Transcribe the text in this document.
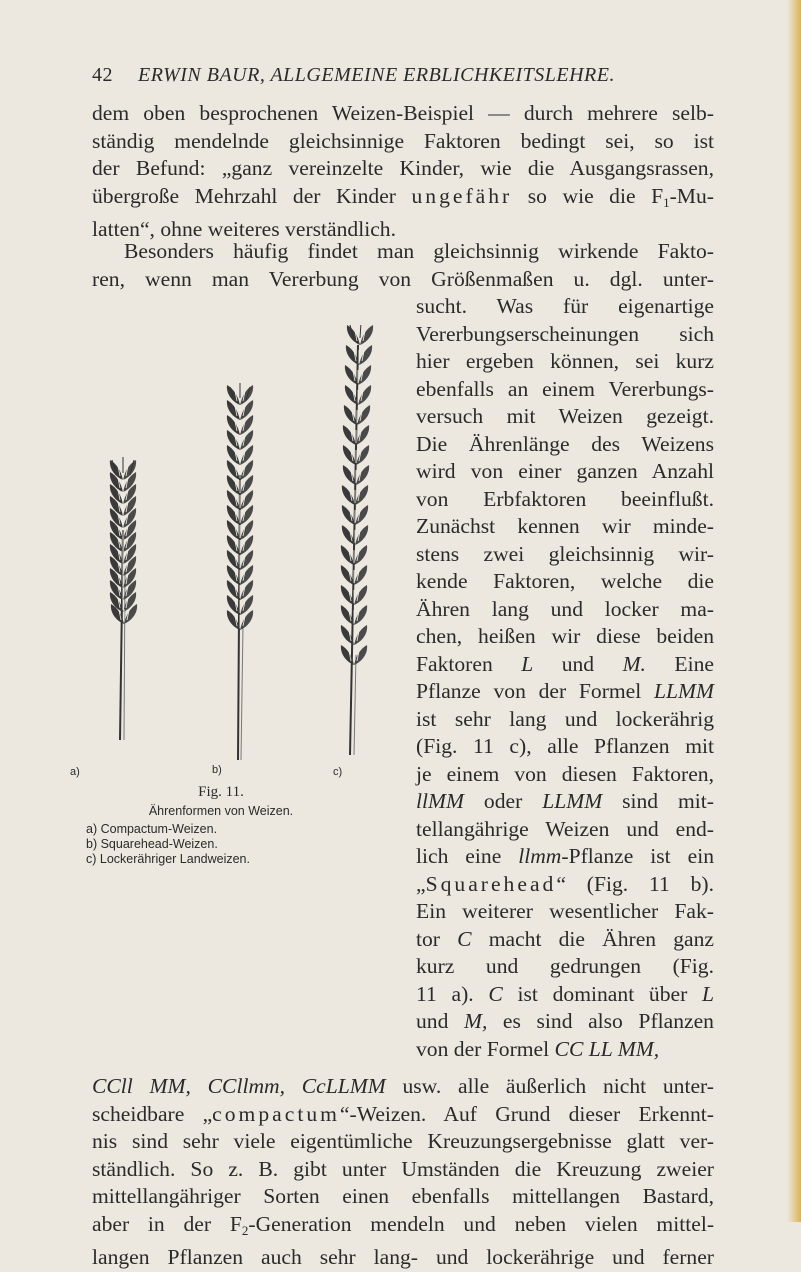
42 ERWIN BAUR, ALLGEMEINE ERBLICHKEITSLEHRE.
dem oben besprochenen Weizen-Beispiel — durch mehrere selb-
ständig mendelnde gleichsinnige Faktoren bedingt sei, so ist
der Befund: „ganz vereinzelte Kinder, wie die Ausgangsrassen,
übergroße Mehrzahl der Kinder ungefähr so wie die $F_1-Mu-$
latten“, ohne weiteres verständlich.
Besonders häufig findet man gleichsinnig wirkende Fakto-
ren, wenn man Vererbung von Größenmaßen u. dgl. unter-
sucht. Was für eigenartige
Vererbungserscheinungen sich
hier ergeben können, sei kurz
ebenfalls an einem Vererbungs-
versuch mit Weizen gezeigt.
Die Ährenlänge des Weizens
wird von einer ganzen Anzahl
von Erbfaktoren beeinflußt.
Zunächst kennen wir minde-
stens zwei gleichsinnig wir-
kende Faktoren, welche die
Ähren lang und locker ma-
chen, heißen wir diese beiden
Faktoren L und M. Eine
Pflanze von der Formel LLMM
ist sehr lang und lockerährig
(Fig. 11 c), alle Pflanzen mit
je einem von diesen Faktoren,
llMM oder LLMM sind mit-
tellangährige Weizen und end-
lich eine llmm-Pflanze ist ein
„Squarehead“ (Fig. 11 b).
Ein weiterer wesentlicher Fak-
tor C macht die Ähren ganz
kurz und gedrungen (Fig.
11 a). C ist dominant über L
und M, es sind also Pflanzen
von der Formel CC LL MM,
CCll MM, CCllmm, CcLLMM usw. alle äußerlich nicht unter-
scheidbare „compactum“-Weizen. Auf Grund dieser Erkennt-
nis sind sehr viele eigentümliche Kreuzungsergebnisse glatt ver-
ständlich. So z. B. gibt unter Umständen die Kreuzung zweier
mittellangähriger Sorten einen ebenfalls mittellangen Bastard,
aber in der $F_2$-Generation mendeln und neben vielen mittel-
langen Pflanzen auch sehr lang- und lockerährige und ferner
a)	b)	c)
Fig. 11.
Ährenformen von Weizen.
a) Compactum-Weizen.
b) Squarehead-Weizen.
c) Lockerähriger Landweizen.
